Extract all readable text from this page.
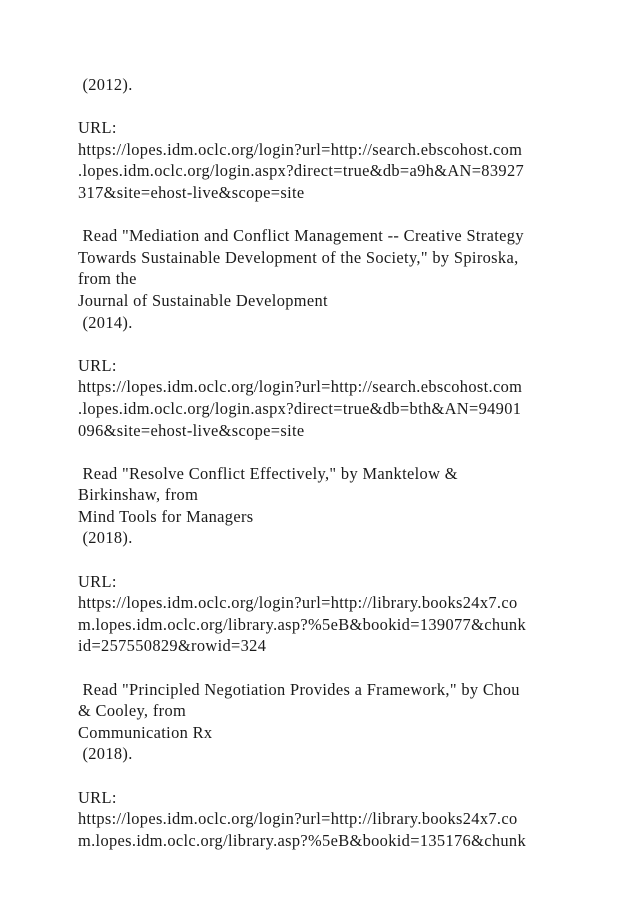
(2012).
URL:
https://lopes.idm.oclc.org/login?url=http://search.ebscohost.com
.lopes.idm.oclc.org/login.aspx?direct=true&db=a9h&AN=83927
317&site=ehost-live&scope=site
Read "Mediation and Conflict Management -- Creative Strategy
Towards Sustainable Development of the Society," by Spiroska,
from the
Journal of Sustainable Development
(2014).
URL:
https://lopes.idm.oclc.org/login?url=http://search.ebscohost.com
.lopes.idm.oclc.org/login.aspx?direct=true&db=bth&AN=94901
096&site=ehost-live&scope=site
Read "Resolve Conflict Effectively," by Manktelow &
Birkinshaw, from
Mind Tools for Managers
(2018).
URL:
https://lopes.idm.oclc.org/login?url=http://library.books24x7.co
m.lopes.idm.oclc.org/library.asp?%5eB&bookid=139077&chunk
id=257550829&rowid=324
Read "Principled Negotiation Provides a Framework," by Chou
& Cooley, from
Communication Rx
(2018).
URL:
https://lopes.idm.oclc.org/login?url=http://library.books24x7.co
m.lopes.idm.oclc.org/library.asp?%5eB&bookid=135176&chunk
